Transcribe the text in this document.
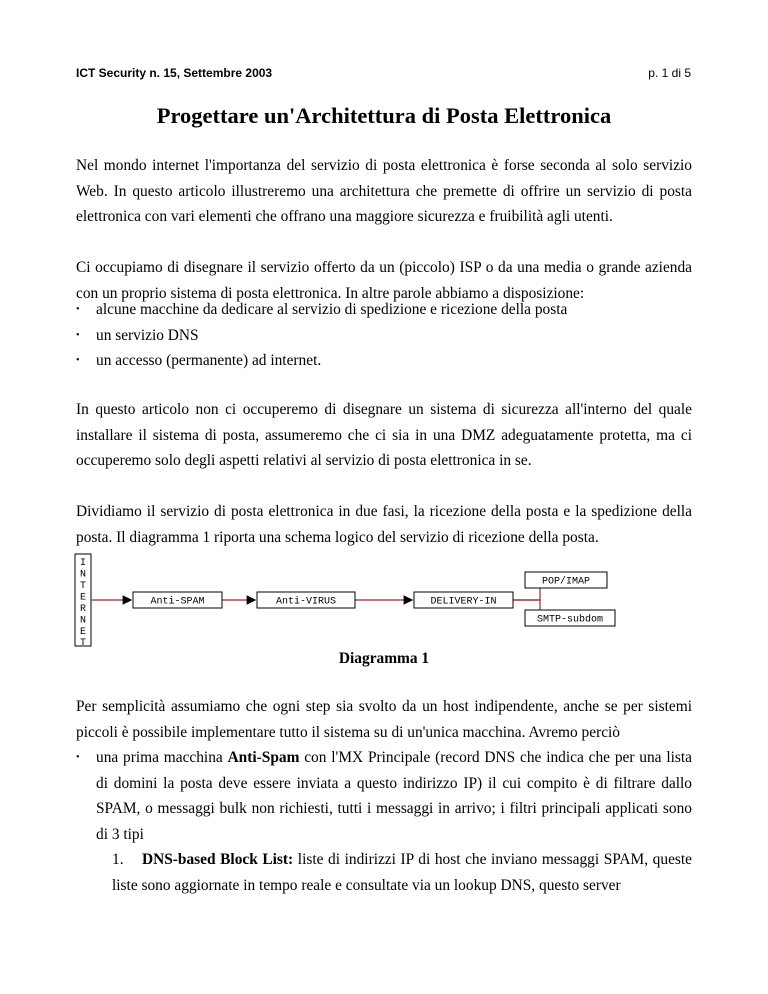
ICT Security n. 15, Settembre 2003	p. 1 di 5
Progettare un'Architettura di Posta Elettronica
Nel mondo internet l'importanza del servizio di posta elettronica è forse seconda al solo servizio Web. In questo articolo illustreremo una architettura che premette di offrire un servizio di posta elettronica con vari elementi che offrano una maggiore sicurezza e fruibilità agli utenti.
Ci occupiamo di disegnare il servizio offerto da un (piccolo) ISP o da una media o grande azienda con un proprio sistema di posta elettronica. In altre parole abbiamo a disposizione:
• alcune macchine da dedicare al servizio di spedizione e ricezione della posta
• un servizio DNS
• un accesso (permanente) ad internet.
In questo articolo non ci occuperemo di disegnare un sistema di sicurezza all'interno del quale installare il sistema di posta, assumeremo che ci sia in una DMZ adeguatamente protetta, ma ci occuperemo solo degli aspetti relativi al servizio di posta elettronica in se.
Dividiamo il servizio di posta elettronica in due fasi, la ricezione della posta e la spedizione della posta. Il diagramma 1 riporta una schema logico del servizio di ricezione della posta.
I
N
T
E
R
N
E
T
Anti-SPAM	Anti-VIRUS	DELIVERY-IN
POP/IMAP
SMTP-subdom
Diagramma 1
Per semplicità assumiamo che ogni step sia svolto da un host indipendente, anche se per sistemi piccoli è possibile implementare tutto il sistema su di un'unica macchina. Avremo perciò
• una prima macchina Anti-Spam con l'MX Principale (record DNS che indica che per una lista di domini la posta deve essere inviata a questo indirizzo IP) il cui compito è di filtrare dallo SPAM, o messaggi bulk non richiesti, tutti i messaggi in arrivo; i filtri principali applicati sono di 3 tipi
1. DNS-based Block List: liste di indirizzi IP di host che inviano messaggi SPAM, queste liste sono aggiornate in tempo reale e consultate via un lookup DNS, questo server
